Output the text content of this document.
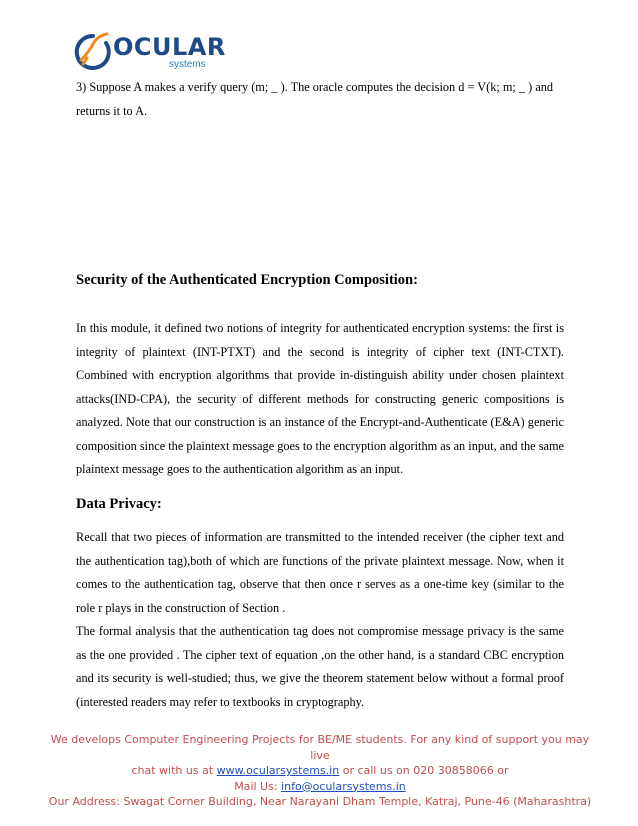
OCULAR
systems

3) Suppose A makes a verify query (m; _ ). The oracle computes the decision d = V(k; m; _ ) and returns it to A.

Security of the Authenticated Encryption Composition:

In this module, it defined two notions of integrity for authenticated encryption systems: the first is integrity of plaintext (INT-PTXT) and the second is integrity of cipher text (INT-CTXT). Combined with encryption algorithms that provide in-distinguish ability under chosen plaintext attacks(IND-CPA), the security of different methods for constructing generic compositions is analyzed. Note that our construction is an instance of the Encrypt-and-Authenticate (E&A) generic composition since the plaintext message goes to the encryption algorithm as an input, and the same plaintext message goes to the authentication algorithm as an input.

Data Privacy:

Recall that two pieces of information are transmitted to the intended receiver (the cipher text and the authentication tag),both of which are functions of the private plaintext message. Now, when it comes to the authentication tag, observe that then once r serves as a one-time key (similar to the role r plays in the construction of Section .

The formal analysis that the authentication tag does not compromise message privacy is the same as the one provided . The cipher text of equation ,on the other hand, is a standard CBC encryption and its security is well-studied; thus, we give the theorem statement below without a formal proof (interested readers may refer to textbooks in cryptography.

We develops Computer Engineering Projects for BE/ME students. For any kind of support you may live
chat with us at www.ocularsystems.in or call us on 020 30858066 or
Mail Us: info@ocularsystems.in
Our Address: Swagat Corner Building, Near Narayani Dham Temple, Katraj, Pune-46 (Maharashtra)
